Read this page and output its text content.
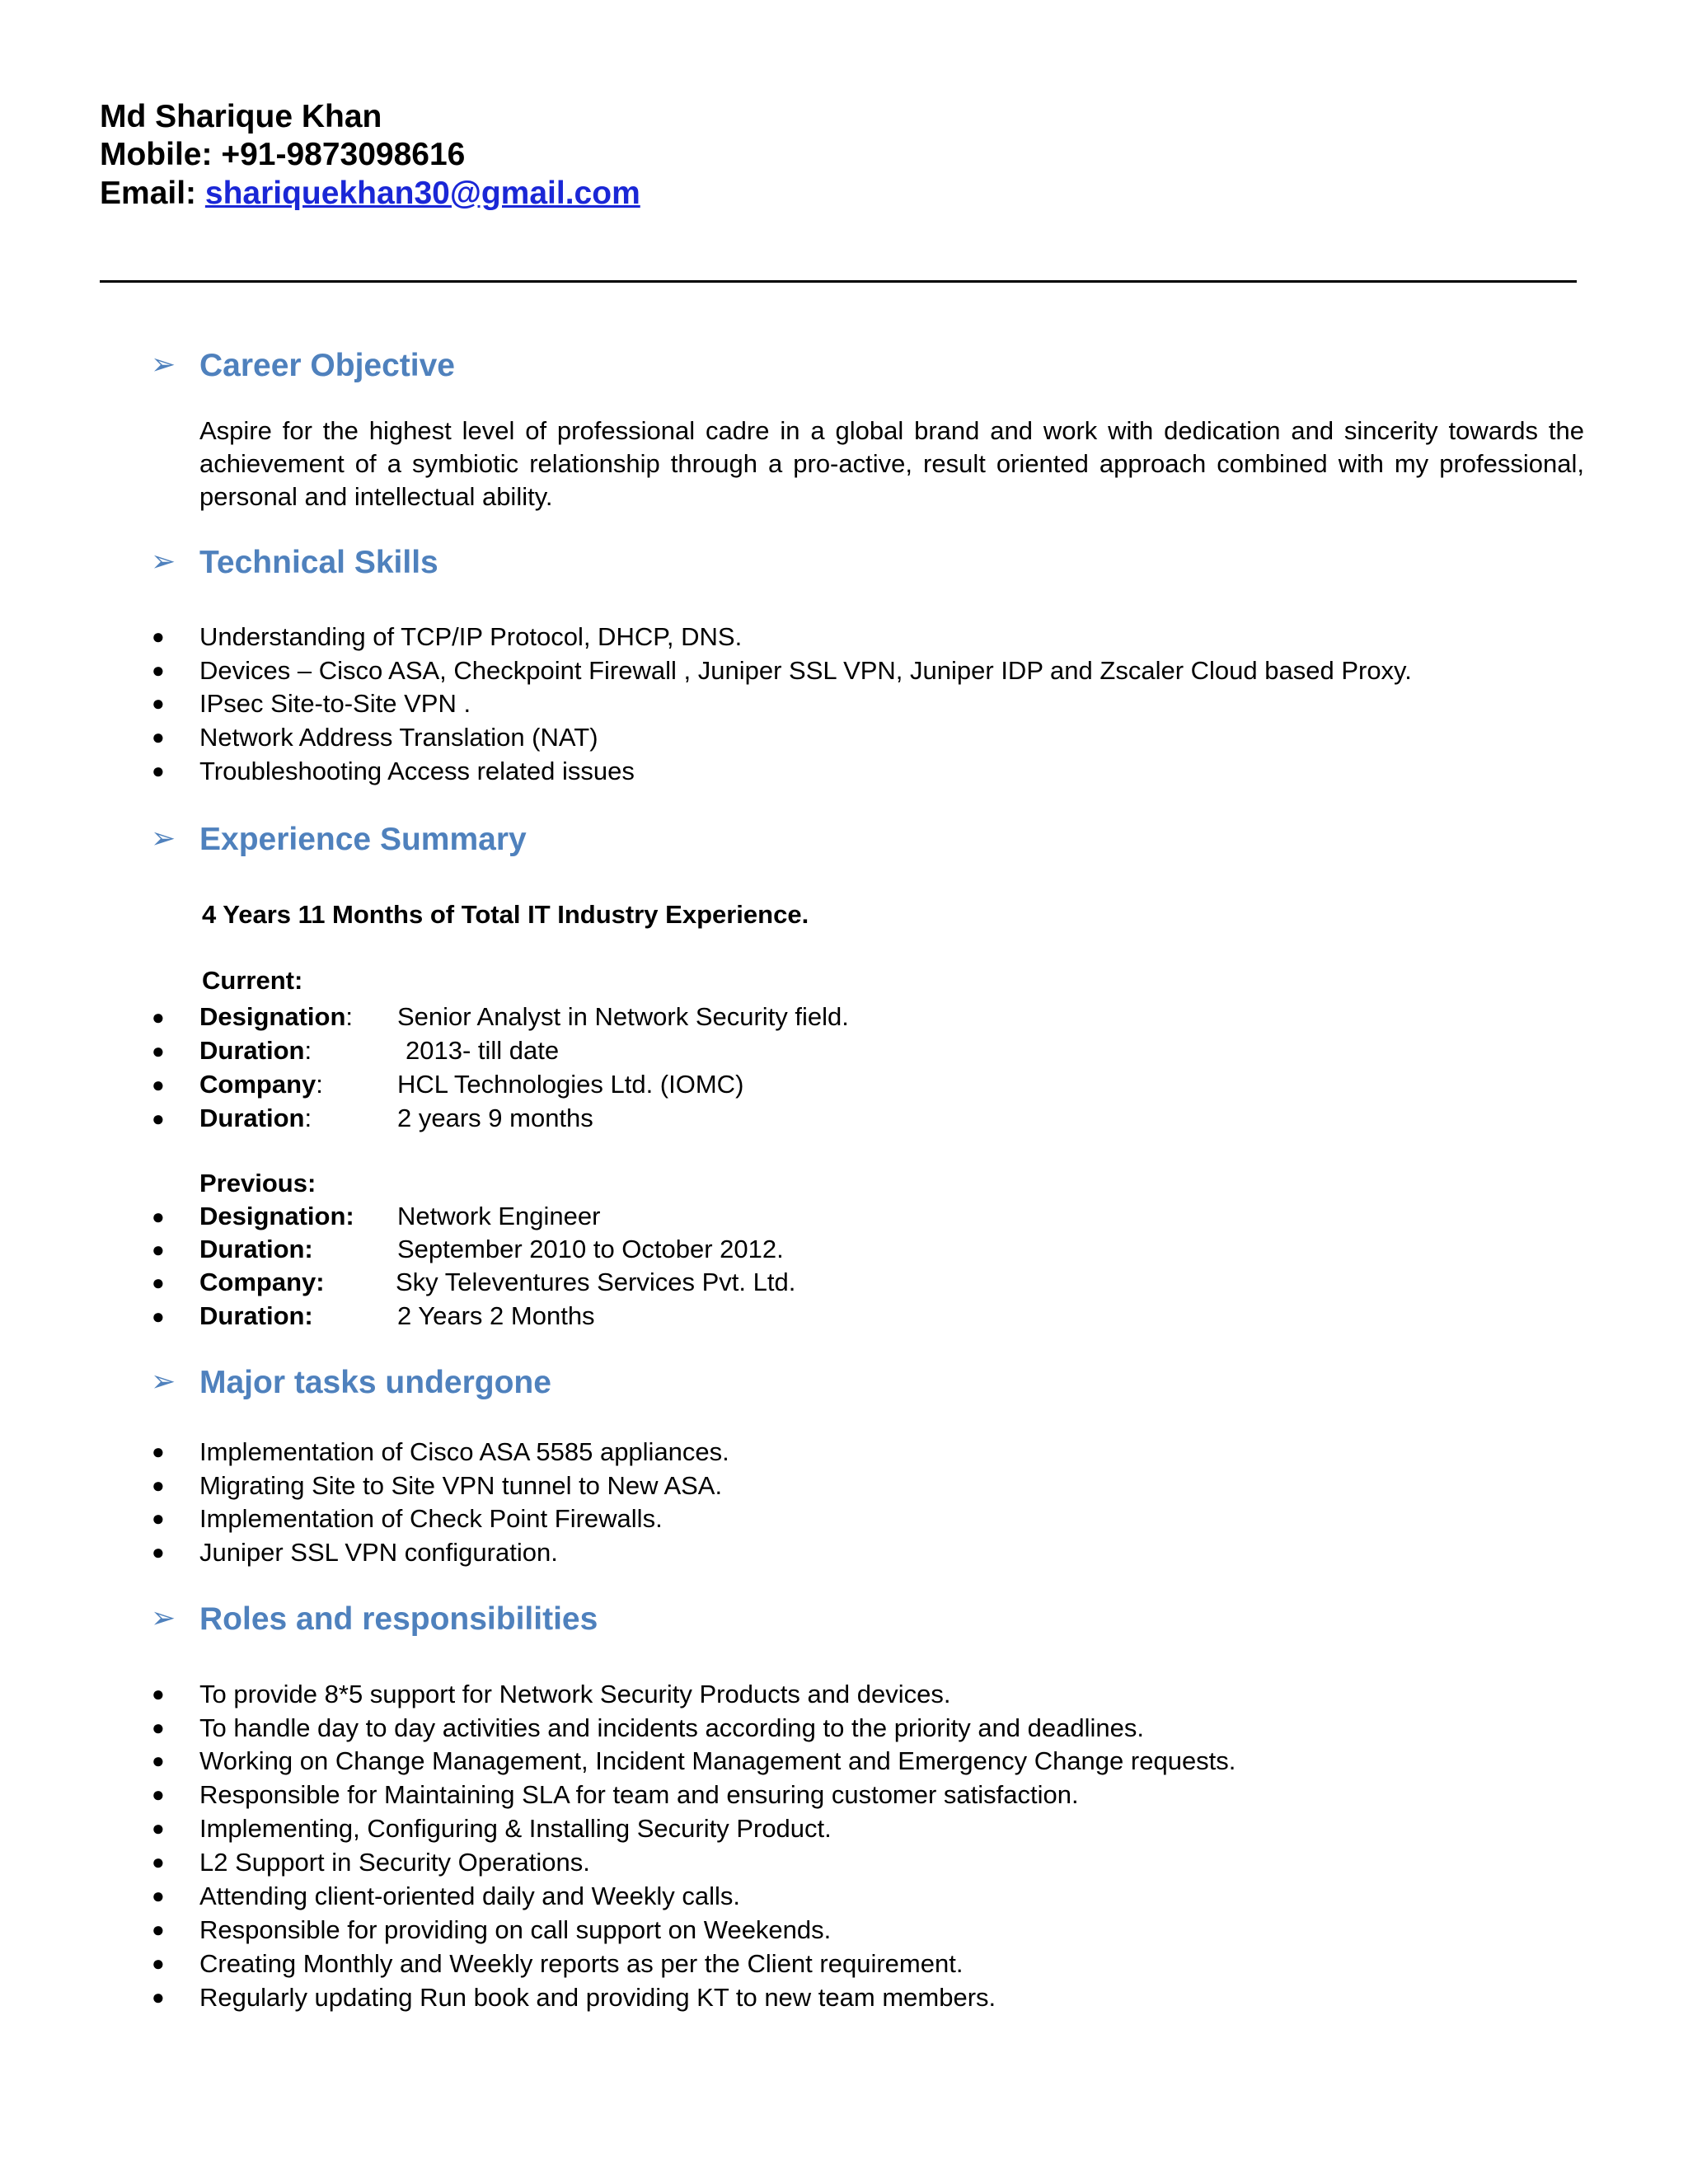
Md Sharique Khan
Mobile: +91-9873098616
Email: shariquekhan30@gmail.com
➢ Career Objective
Aspire for the highest level of professional cadre in a global brand and work with dedication and sincerity towards the achievement of a symbiotic relationship through a pro-active, result oriented approach combined with my professional, personal and intellectual ability.
➢ Technical Skills
● Understanding of TCP/IP Protocol, DHCP, DNS.
● Devices – Cisco ASA, Checkpoint Firewall , Juniper SSL VPN, Juniper IDP and Zscaler Cloud based Proxy.
● IPsec Site-to-Site VPN .
● Network Address Translation (NAT)
● Troubleshooting Access related issues
➢ Experience Summary
4 Years 11 Months of Total IT Industry Experience.
Current:
● Designation: Senior Analyst in Network Security field.
● Duration:	2013- till date
● Company:	HCL Technologies Ltd. (IOMC)
● Duration:	2 years 9 months
Previous:
● Designation: Network Engineer
● Duration:	September 2010 to October 2012.
● Company:	Sky Televentures Services Pvt. Ltd.
● Duration:	2 Years 2 Months
➢ Major tasks undergone
● Implementation of Cisco ASA 5585 appliances.
● Migrating Site to Site VPN tunnel to New ASA.
● Implementation of Check Point Firewalls.
● Juniper SSL VPN configuration.
➢ Roles and responsibilities
● To provide 8*5 support for Network Security Products and devices.
● To handle day to day activities and incidents according to the priority and deadlines.
● Working on Change Management, Incident Management and Emergency Change requests.
● Responsible for Maintaining SLA for team and ensuring customer satisfaction.
● Implementing, Configuring & Installing Security Product.
● L2 Support in Security Operations.
● Attending client-oriented daily and Weekly calls.
● Responsible for providing on call support on Weekends.
● Creating Monthly and Weekly reports as per the Client requirement.
● Regularly updating Run book and providing KT to new team members.
